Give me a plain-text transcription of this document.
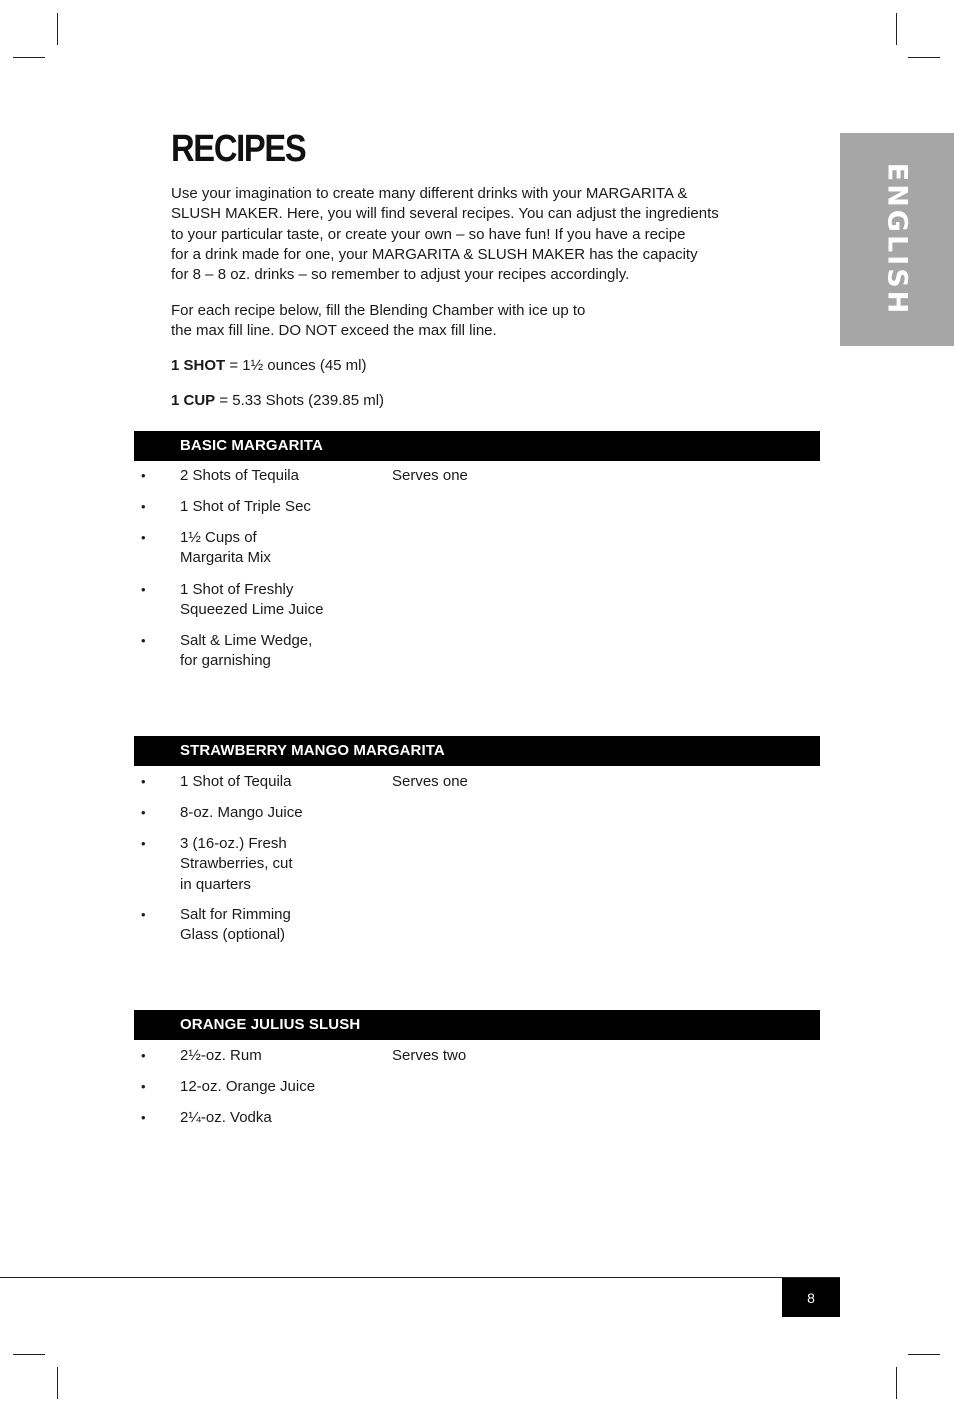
ENGLISH
RECIPES
Use your imagination to create many different drinks with your MARGARITA &
SLUSH MAKER. Here, you will find several recipes. You can adjust the ingredients
to your particular taste, or create your own – so have fun! If you have a recipe
for a drink made for one, your MARGARITA & SLUSH MAKER has the capacity
for 8 – 8 oz. drinks – so remember to adjust your recipes accordingly.
For each recipe below, fill the Blending Chamber with ice up to
the max fill line. DO NOT exceed the max fill line.
1 SHOT = 1½ ounces (45 ml)
1 CUP = 5.33 Shots (239.85 ml)
BASIC MARGARITA
Serves one
• 2 Shots of Tequila
• 1 Shot of Triple Sec
• 1½ Cups of
Margarita Mix
• 1 Shot of Freshly
Squeezed Lime Juice
• Salt & Lime Wedge,
for garnishing
STRAWBERRY MANGO MARGARITA
Serves one
• 1 Shot of Tequila
• 8-oz. Mango Juice
• 3 (16-oz.) Fresh
Strawberries, cut
in quarters
• Salt for Rimming
Glass (optional)
ORANGE JULIUS SLUSH
Serves two
• 2½-oz. Rum
• 12-oz. Orange Juice
• 2¼-oz. Vodka
8
